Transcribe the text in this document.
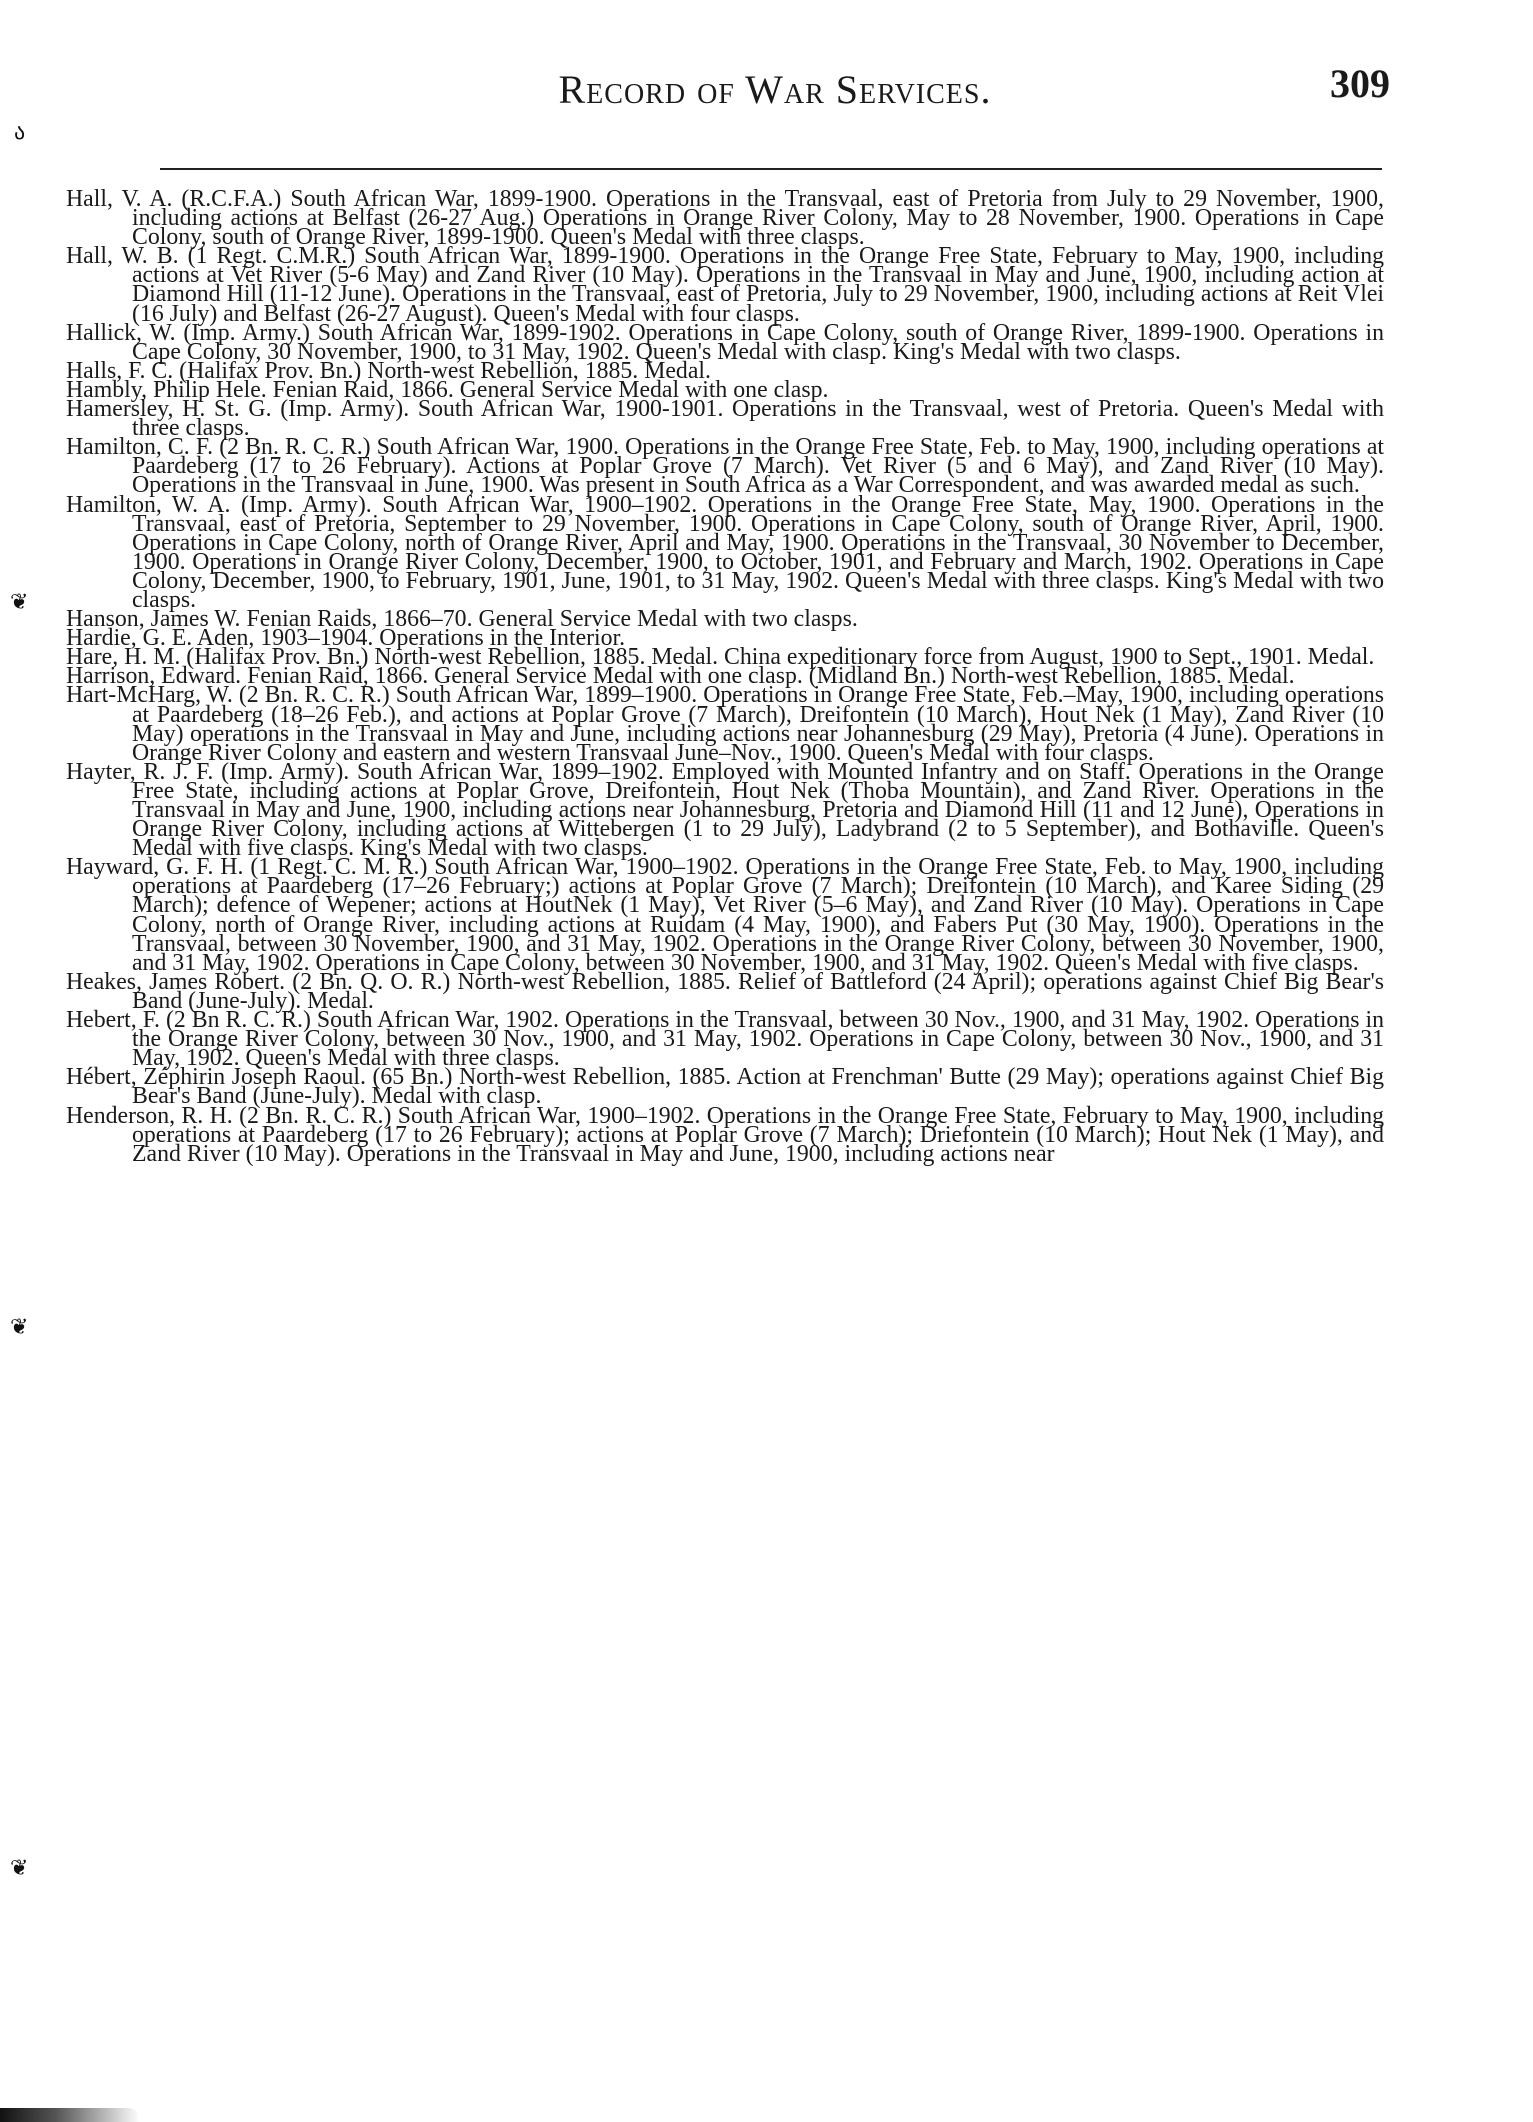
Record of War Services.	309
ა
❦
❦
❦

Hall, V. A. (R.C.F.A.) South African War, 1899-1900. Operations in the Transvaal, east of Pretoria from July to 29 November, 1900, including actions at Belfast (26-27 Aug.) Operations in Orange River Colony, May to 28 November, 1900. Operations in Cape Colony, south of Orange River, 1899-1900. Queen's Medal with three clasps.

Hall, W. B. (1 Regt. C.M.R.) South African War, 1899-1900. Operations in the Orange Free State, February to May, 1900, including actions at Vet River (5-6 May) and Zand River (10 May). Operations in the Transvaal in May and June, 1900, including action at Diamond Hill (11-12 June). Operations in the Transvaal, east of Pretoria, July to 29 November, 1900, including actions at Reit Vlei (16 July) and Belfast (26-27 August). Queen's Medal with four clasps.

Hallick, W. (Imp. Army.) South African War, 1899-1902. Operations in Cape Colony, south of Orange River, 1899-1900. Operations in Cape Colony, 30 November, 1900, to 31 May, 1902. Queen's Medal with clasp. King's Medal with two clasps.

Halls, F. C. (Halifax Prov. Bn.) North-west Rebellion, 1885. Medal.

Hambly, Philip Hele. Fenian Raid, 1866. General Service Medal with one clasp.

Hamersley, H. St. G. (Imp. Army). South African War, 1900-1901. Operations in the Transvaal, west of Pretoria. Queen's Medal with three clasps.

Hamilton, C. F. (2 Bn. R. C. R.) South African War, 1900. Operations in the Orange Free State, Feb. to May, 1900, including operations at Paardeberg (17 to 26 February). Actions at Poplar Grove (7 March). Vet River (5 and 6 May), and Zand River (10 May). Operations in the Transvaal in June, 1900. Was present in South Africa as a War Correspondent, and was awarded medal as such.

Hamilton, W. A. (Imp. Army). South African War, 1900–1902. Operations in the Orange Free State, May, 1900. Operations in the Transvaal, east of Pretoria, September to 29 November, 1900. Operations in Cape Colony, south of Orange River, April, 1900. Operations in Cape Colony, north of Orange River, April and May, 1900. Operations in the Transvaal, 30 November to December, 1900. Operations in Orange River Colony, December, 1900, to October, 1901, and February and March, 1902. Operations in Cape Colony, December, 1900, to February, 1901, June, 1901, to 31 May, 1902. Queen's Medal with three clasps. King's Medal with two clasps.

Hanson, James W. Fenian Raids, 1866–70. General Service Medal with two clasps.

Hardie, G. E. Aden, 1903–1904. Operations in the Interior.

Hare, H. M. (Halifax Prov. Bn.) North-west Rebellion, 1885. Medal. China expeditionary force from August, 1900 to Sept., 1901. Medal.

Harrison, Edward. Fenian Raid, 1866. General Service Medal with one clasp. (Midland Bn.) North-west Rebellion, 1885. Medal.

Hart-McHarg, W. (2 Bn. R. C. R.) South African War, 1899–1900. Operations in Orange Free State, Feb.–May, 1900, including operations at Paardeberg (18–26 Feb.), and actions at Poplar Grove (7 March), Dreifontein (10 March), Hout Nek (1 May), Zand River (10 May) operations in the Transvaal in May and June, including actions near Johannesburg (29 May), Pretoria (4 June). Operations in Orange River Colony and eastern and western Transvaal June–Nov., 1900. Queen's Medal with four clasps.

Hayter, R. J. F. (Imp. Army). South African War, 1899–1902. Employed with Mounted Infantry and on Staff. Operations in the Orange Free State, including actions at Poplar Grove, Dreifontein, Hout Nek (Thoba Mountain), and Zand River. Operations in the Transvaal in May and June, 1900, including actions near Johannesburg, Pretoria and Diamond Hill (11 and 12 June), Operations in Orange River Colony, including actions at Wittebergen (1 to 29 July), Ladybrand (2 to 5 September), and Bothaville. Queen's Medal with five clasps. King's Medal with two clasps.

Hayward, G. F. H. (1 Regt. C. M. R.) South African War, 1900–1902. Operations in the Orange Free State, Feb. to May, 1900, including operations at Paardeberg (17–26 February;) actions at Poplar Grove (7 March); Dreifontein (10 March), and Karee Siding (29 March); defence of Wepener; actions at HoutNek (1 May), Vet River (5–6 May), and Zand River (10 May). Operations in Cape Colony, north of Orange River, including actions at Ruidam (4 May, 1900), and Fabers Put (30 May, 1900). Operations in the Transvaal, between 30 November, 1900, and 31 May, 1902. Operations in the Orange River Colony, between 30 November, 1900, and 31 May, 1902. Operations in Cape Colony, between 30 November, 1900, and 31 May, 1902. Queen's Medal with five clasps.

Heakes, James Robert. (2 Bn. Q. O. R.) North-west Rebellion, 1885. Relief of Battleford (24 April); operations against Chief Big Bear's Band (June-July). Medal.

Hebert, F. (2 Bn R. C. R.) South African War, 1902. Operations in the Transvaal, between 30 Nov., 1900, and 31 May, 1902. Operations in the Orange River Colony, between 30 Nov., 1900, and 31 May, 1902. Operations in Cape Colony, between 30 Nov., 1900, and 31 May, 1902. Queen's Medal with three clasps.

Hébert, Zéphirin Joseph Raoul. (65 Bn.) North-west Rebellion, 1885. Action at Frenchman' Butte (29 May); operations against Chief Big Bear's Band (June-July). Medal with clasp.

Henderson, R. H. (2 Bn. R. C. R.) South African War, 1900–1902. Operations in the Orange Free State, February to May, 1900, including operations at Paardeberg (17 to 26 February); actions at Poplar Grove (7 March); Driefontein (10 March); Hout Nek (1 May), and Zand River (10 May). Operations in the Transvaal in May and June, 1900, including actions near
